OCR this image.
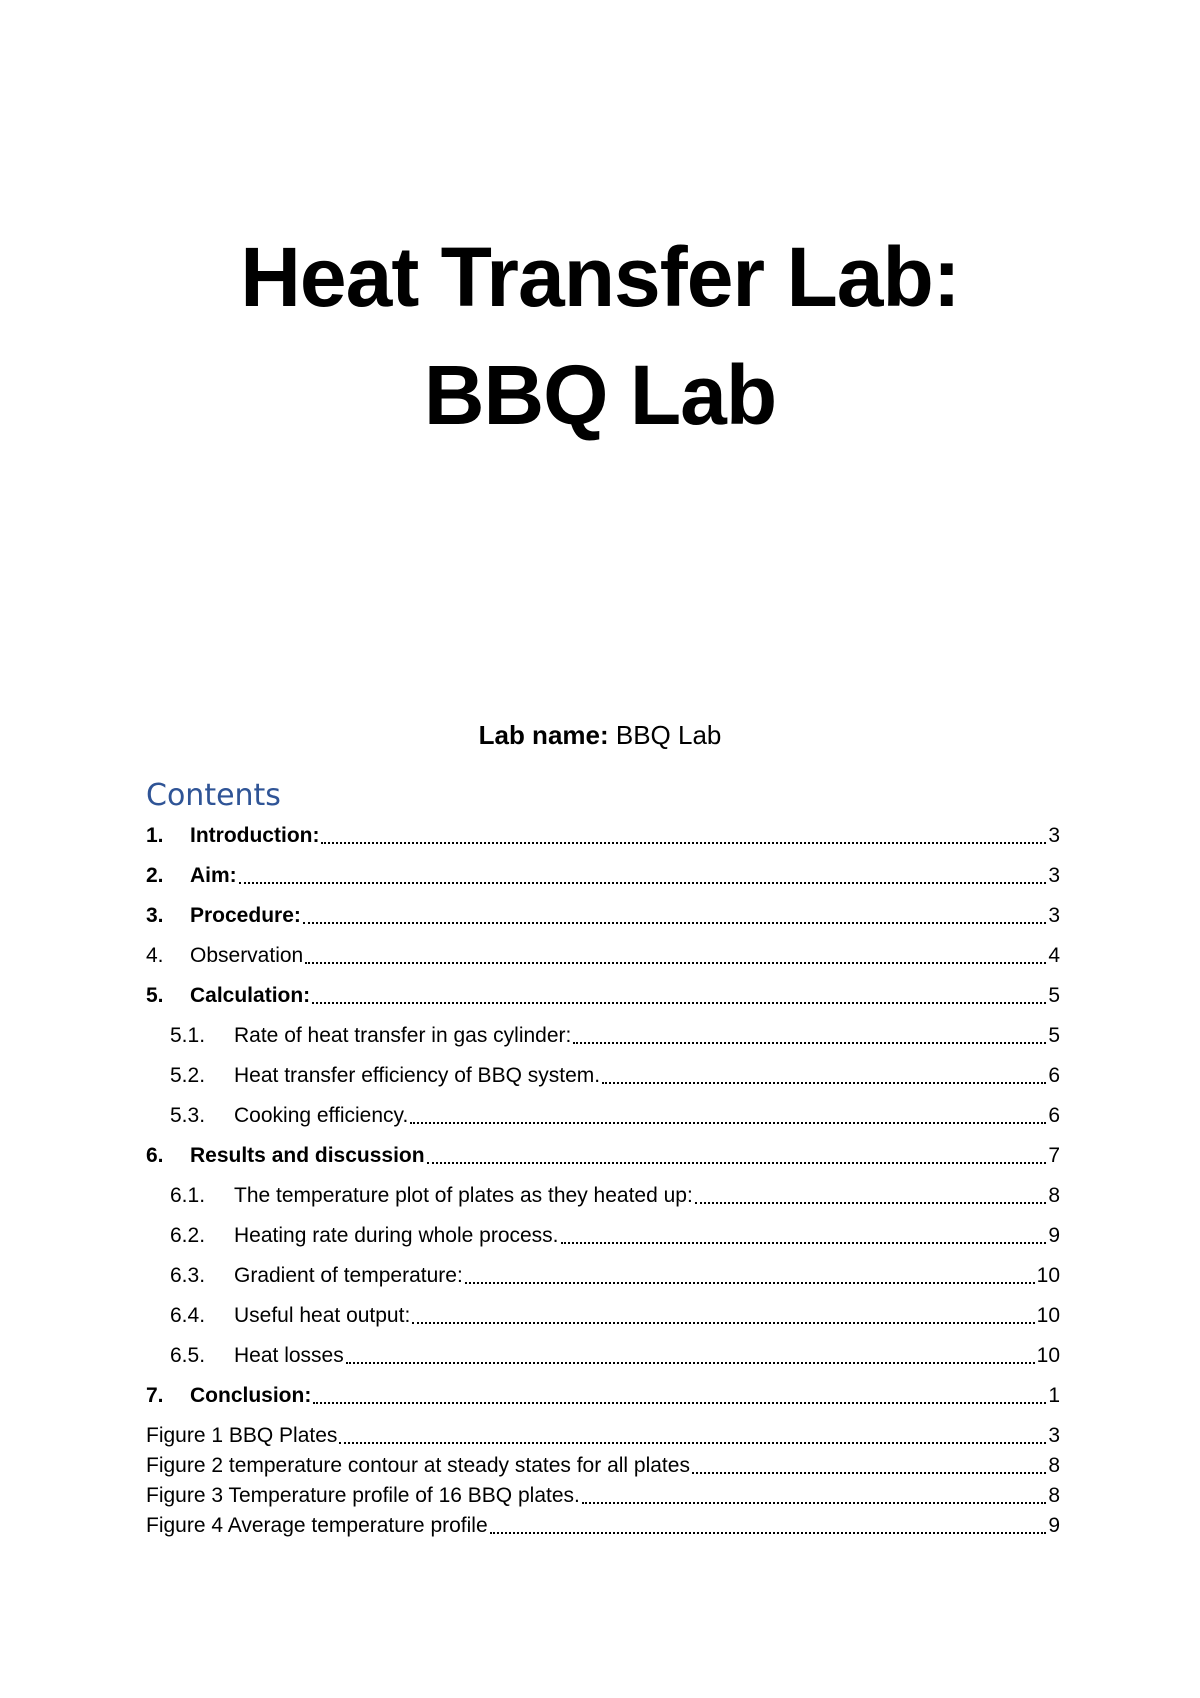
Heat Transfer Lab:
BBQ Lab
Lab name: BBQ Lab
Contents
1.	Introduction:	3
2.	Aim:	3
3.	Procedure:	3
4.	Observation	4
5.	Calculation:	5
5.1.	Rate of heat transfer in gas cylinder:	5
5.2.	Heat transfer efficiency of BBQ system.	6
5.3.	Cooking efficiency.	6
6.	Results and discussion	7
6.1.	The temperature plot of plates as they heated up:	8
6.2.	Heating rate during whole process.	9
6.3.	Gradient of temperature:	10
6.4.	Useful heat output:	10
6.5.	Heat losses	10
7.	Conclusion:	1
Figure 1 BBQ Plates	3
Figure 2 temperature contour at steady states for all plates	8
Figure 3 Temperature profile of 16 BBQ plates.	8
Figure 4 Average temperature profile	9
